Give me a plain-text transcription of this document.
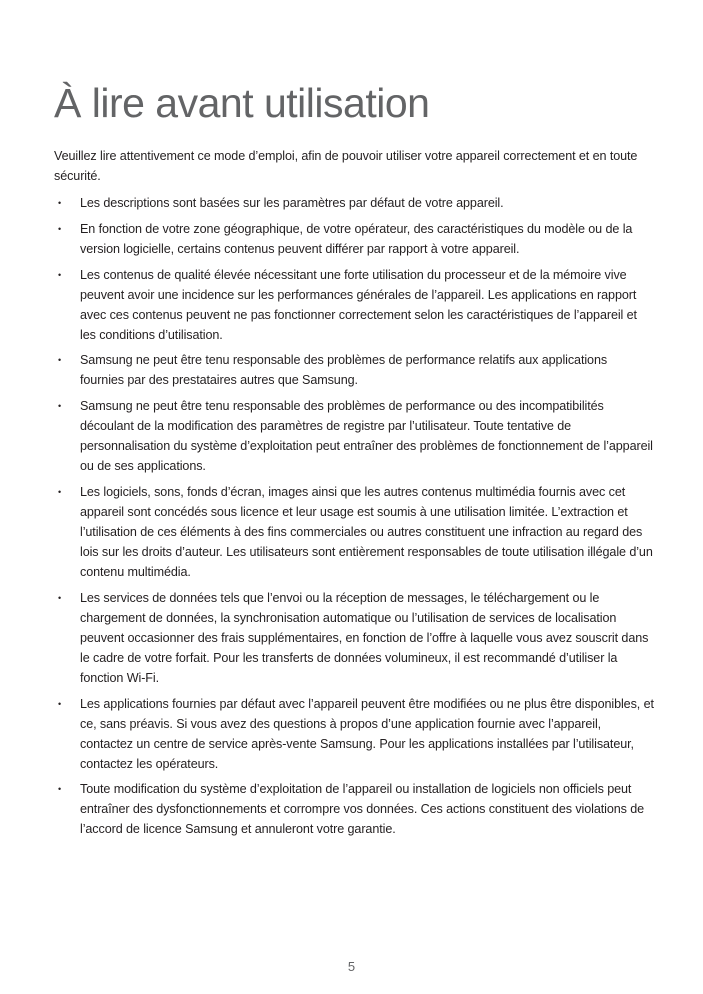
À lire avant utilisation

Veuillez lire attentivement ce mode d’emploi, afin de pouvoir utiliser votre appareil correctement et en toute sécurité.

• Les descriptions sont basées sur les paramètres par défaut de votre appareil.
• En fonction de votre zone géographique, de votre opérateur, des caractéristiques du modèle ou de la version logicielle, certains contenus peuvent différer par rapport à votre appareil.
• Les contenus de qualité élevée nécessitant une forte utilisation du processeur et de la mémoire vive peuvent avoir une incidence sur les performances générales de l’appareil. Les applications en rapport avec ces contenus peuvent ne pas fonctionner correctement selon les caractéristiques de l’appareil et les conditions d’utilisation.
• Samsung ne peut être tenu responsable des problèmes de performance relatifs aux applications fournies par des prestataires autres que Samsung.
• Samsung ne peut être tenu responsable des problèmes de performance ou des incompatibilités découlant de la modification des paramètres de registre par l’utilisateur. Toute tentative de personnalisation du système d’exploitation peut entraîner des problèmes de fonctionnement de l’appareil ou de ses applications.
• Les logiciels, sons, fonds d’écran, images ainsi que les autres contenus multimédia fournis avec cet appareil sont concédés sous licence et leur usage est soumis à une utilisation limitée. L’extraction et l’utilisation de ces éléments à des fins commerciales ou autres constituent une infraction au regard des lois sur les droits d’auteur. Les utilisateurs sont entièrement responsables de toute utilisation illégale d’un contenu multimédia.
• Les services de données tels que l’envoi ou la réception de messages, le téléchargement ou le chargement de données, la synchronisation automatique ou l’utilisation de services de localisation peuvent occasionner des frais supplémentaires, en fonction de l’offre à laquelle vous avez souscrit dans le cadre de votre forfait. Pour les transferts de données volumineux, il est recommandé d’utiliser la fonction Wi-Fi.
• Les applications fournies par défaut avec l’appareil peuvent être modifiées ou ne plus être disponibles, et ce, sans préavis. Si vous avez des questions à propos d’une application fournie avec l’appareil, contactez un centre de service après-vente Samsung. Pour les applications installées par l’utilisateur, contactez les opérateurs.
• Toute modification du système d’exploitation de l’appareil ou installation de logiciels non officiels peut entraîner des dysfonctionnements et corrompre vos données. Ces actions constituent des violations de l’accord de licence Samsung et annuleront votre garantie.
5
